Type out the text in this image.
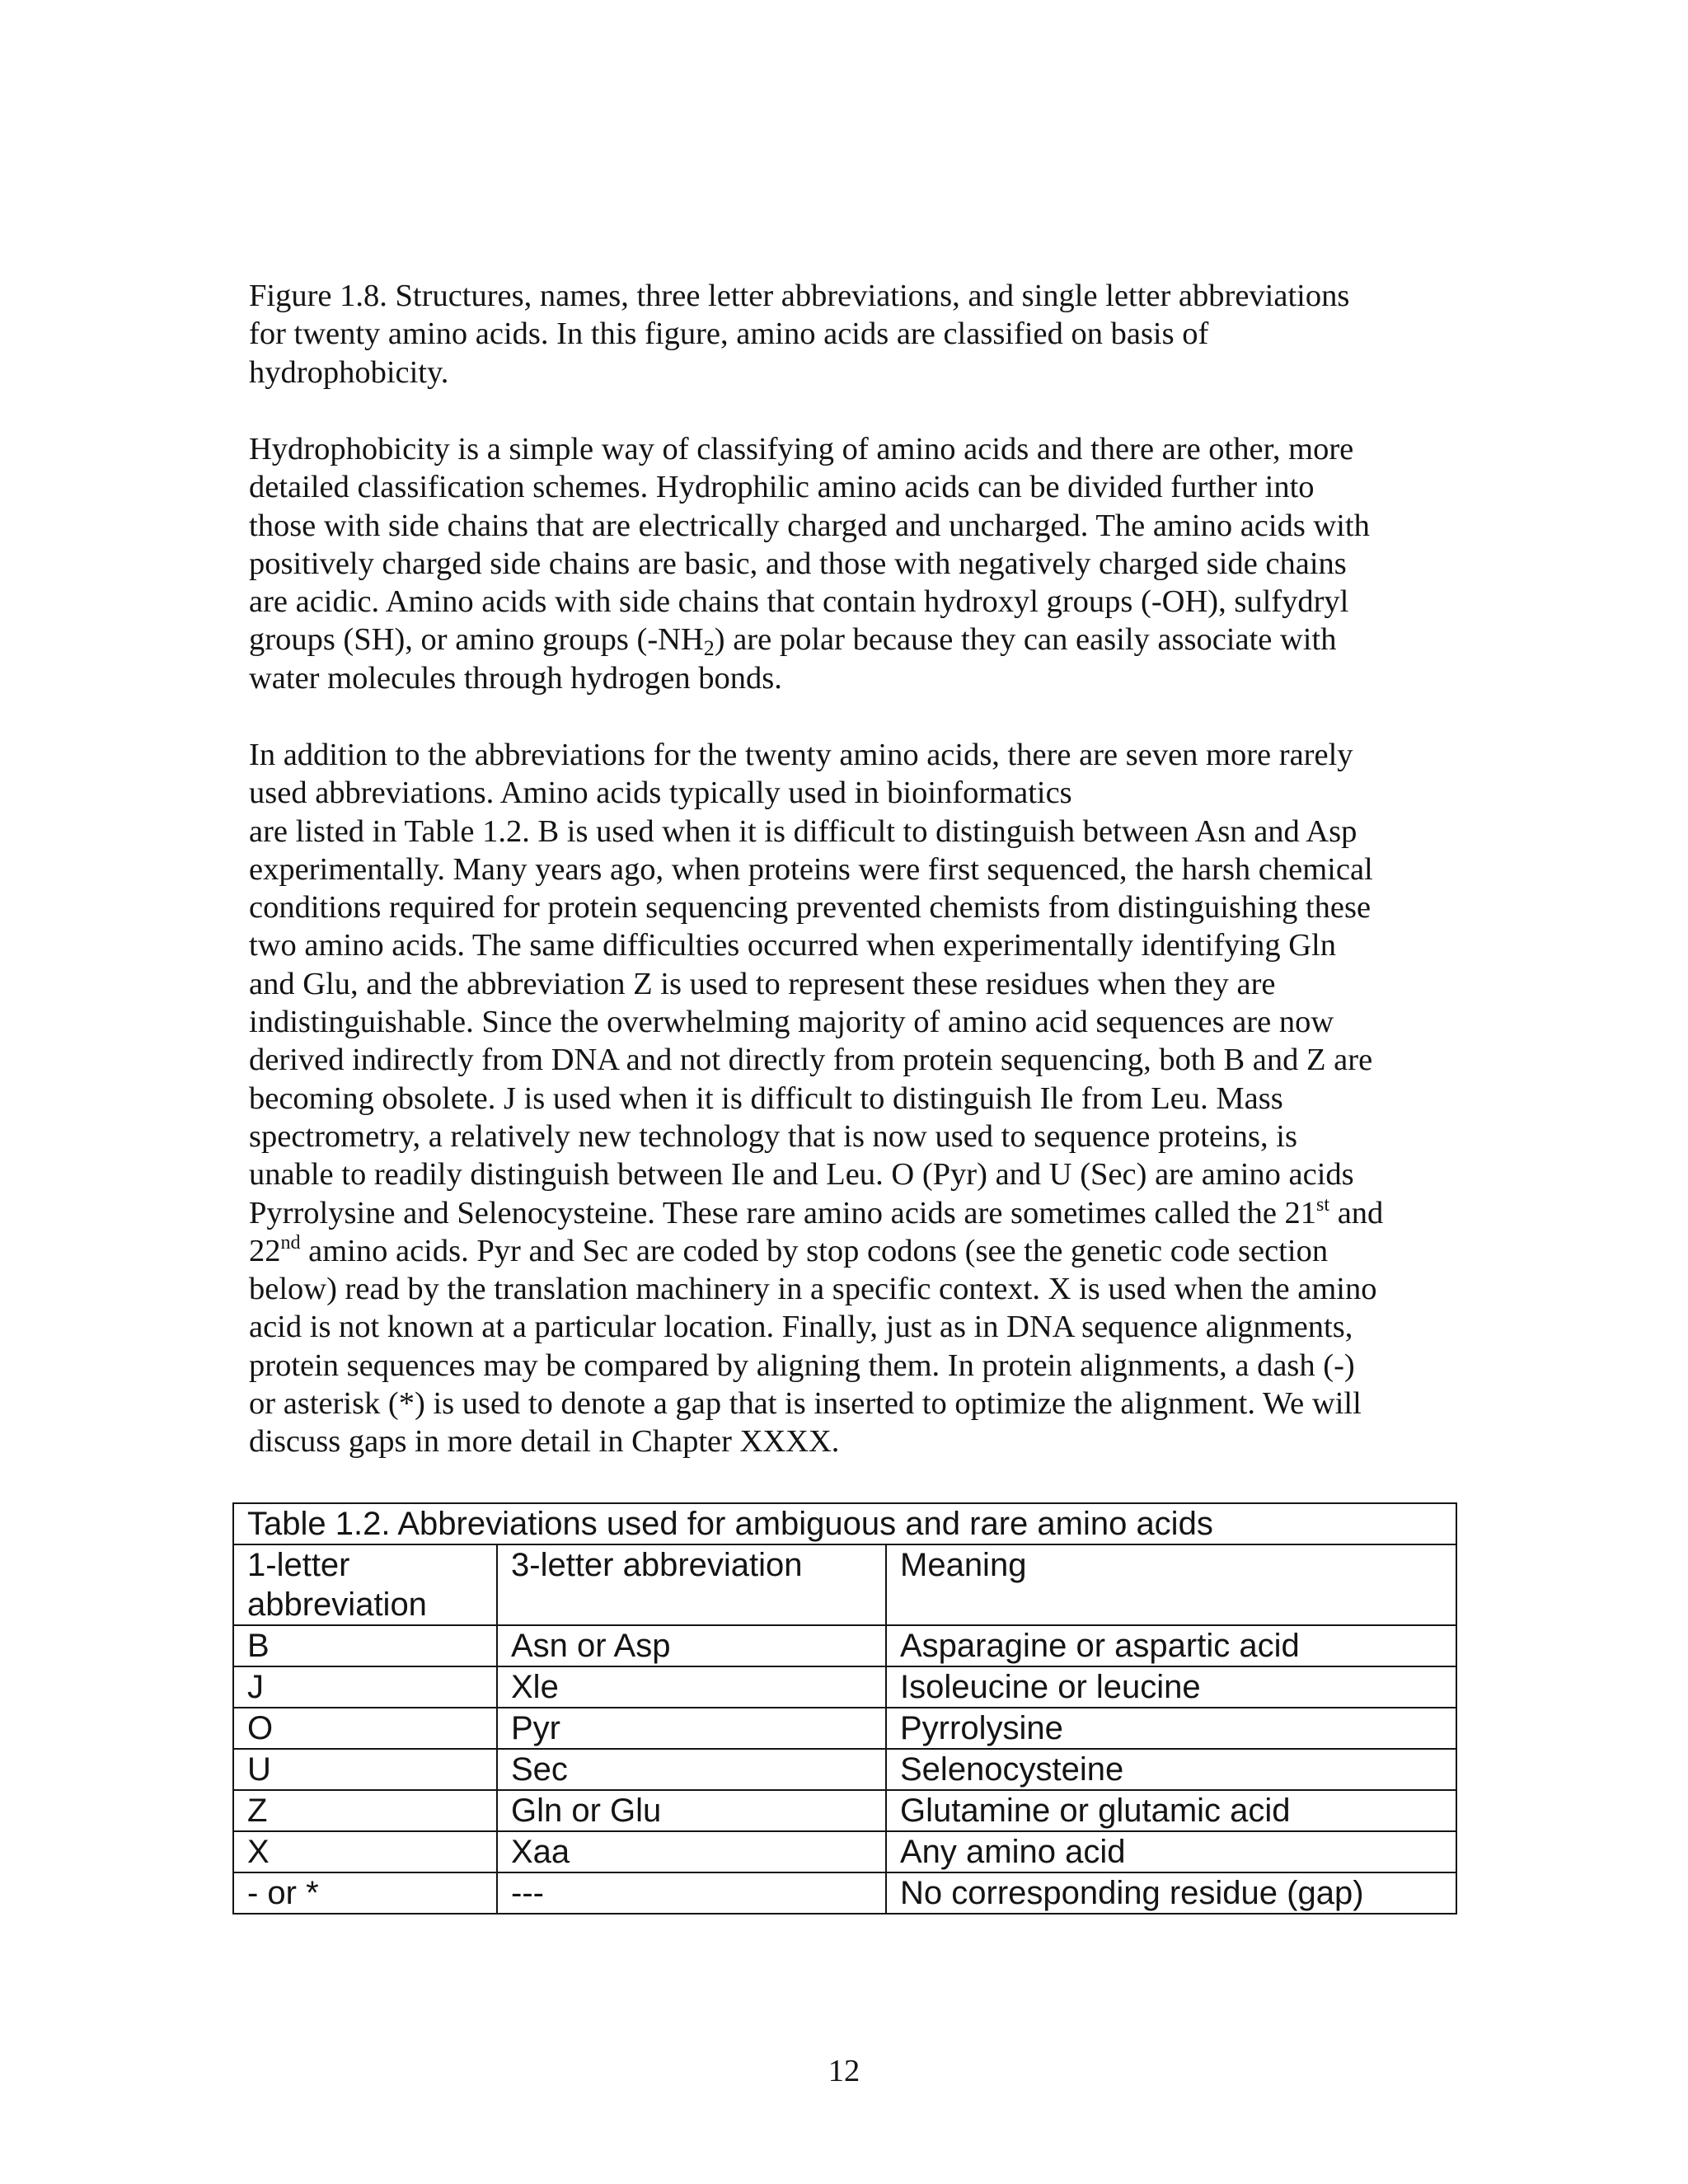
Figure 1.8. Structures, names, three letter abbreviations, and single letter abbreviations
for twenty amino acids. In this figure, amino acids are classified on basis of
hydrophobicity.
Hydrophobicity is a simple way of classifying of amino acids and there are other, more
detailed classification schemes. Hydrophilic amino acids can be divided further into
those with side chains that are electrically charged and uncharged. The amino acids with
positively charged side chains are basic, and those with negatively charged side chains
are acidic. Amino acids with side chains that contain hydroxyl groups (-OH), sulfydryl
groups (SH), or amino groups $(-NH_2)$ are polar because they can easily associate with
water molecules through hydrogen bonds.
In addition to the abbreviations for the twenty amino acids, there are seven more rarely
used abbreviations. Amino acids typically used in bioinformatics
are listed in Table 1.2. B is used when it is difficult to distinguish between Asn and Asp
experimentally. Many years ago, when proteins were first sequenced, the harsh chemical
conditions required for protein sequencing prevented chemists from distinguishing these
two amino acids. The same difficulties occurred when experimentally identifying Gln
and Glu, and the abbreviation Z is used to represent these residues when they are
indistinguishable. Since the overwhelming majority of amino acid sequences are now
derived indirectly from DNA and not directly from protein sequencing, both B and Z are
becoming obsolete. J is used when it is difficult to distinguish Ile from Leu. Mass
spectrometry, a relatively new technology that is now used to sequence proteins, is
unable to readily distinguish between Ile and Leu. O (Pyr) and U (Sec) are amino acids
Pyrrolysine and Selenocysteine. These rare amino acids are sometimes called the 21st and
22nd amino acids. Pyr and Sec are coded by stop codons (see the genetic code section
below) read by the translation machinery in a specific context. X is used when the amino
acid is not known at a particular location. Finally, just as in DNA sequence alignments,
protein sequences may be compared by aligning them. In protein alignments, a dash (-)
or asterisk (*) is used to denote a gap that is inserted to optimize the alignment. We will
discuss gaps in more detail in Chapter XXXX.
Table 1.2. Abbreviations used for ambiguous and rare amino acids		
1-letter abbreviation	3-letter abbreviation	Meaning
B	Asn or Asp	Asparagine or aspartic acid
J	Xle	Isoleucine or leucine
O	Pyr	Pyrrolysine
U	Sec	Selenocysteine
Z	Gln or Glu	Glutamine or glutamic acid
X	Xaa	Any amino acid
- or *	---	No corresponding residue (gap)
12
